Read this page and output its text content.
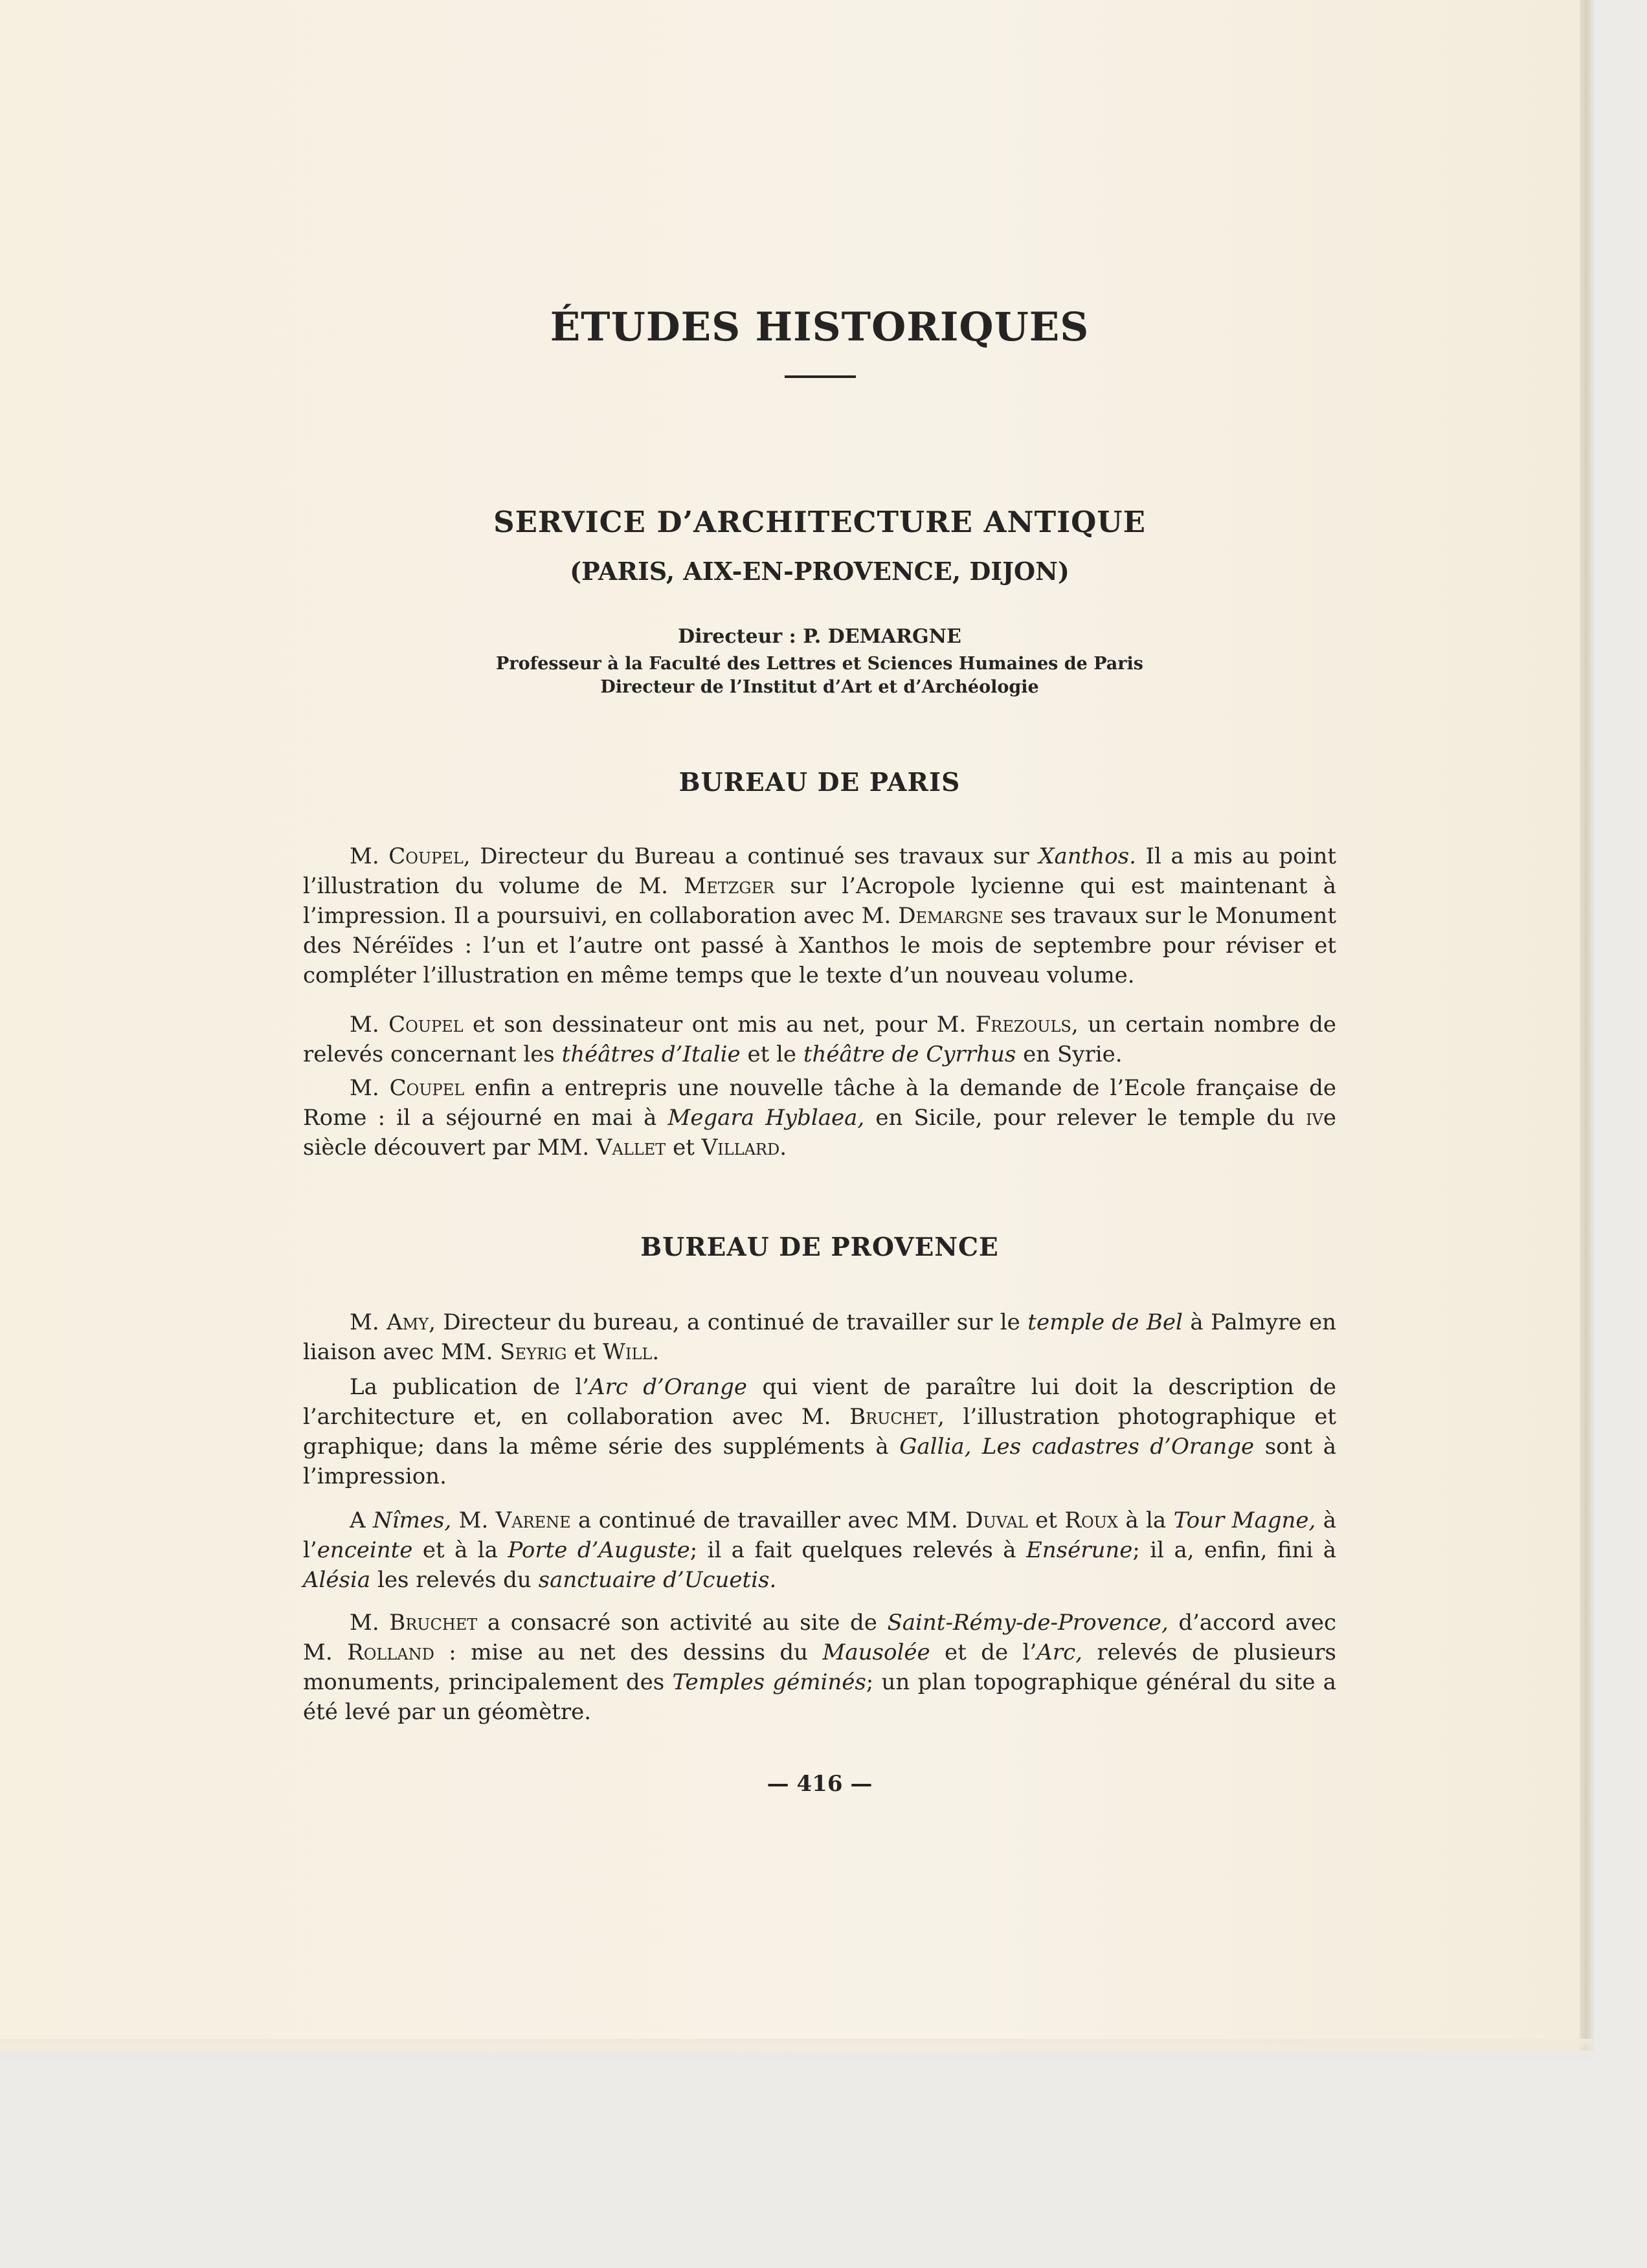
ÉTUDES HISTORIQUES
SERVICE D’ARCHITECTURE ANTIQUE

(PARIS, AIX-EN-PROVENCE, DIJON)

Directeur : P. DEMARGNE

Professeur à la Faculté des Lettres et Sciences Humaines de Paris

Directeur de l’Institut d’Art et d’Archéologie

BUREAU DE PARIS

M. Coupel, Directeur du Bureau a continué ses travaux sur Xanthos. Il a mis au point l’illustration du volume de M. Metzger sur l’Acropole lycienne qui est maintenant à l’impression. Il a poursuivi, en collaboration avec M. Demargne ses travaux sur le Monument des Néréïdes : l’un et l’autre ont passé à Xanthos le mois de septembre pour réviser et compléter l’illustration en même temps que le texte d’un nouveau volume.

M. Coupel et son dessinateur ont mis au net, pour M. Frezouls, un certain nombre de relevés concernant les théâtres d’Italie et le théâtre de Cyrrhus en Syrie.

M. Coupel enfin a entrepris une nouvelle tâche à la demande de l’Ecole française de Rome : il a séjourné en mai à Megara Hyblaea, en Sicile, pour relever le temple du ive siècle découvert par MM. Vallet et Villard.

BUREAU DE PROVENCE

M. Amy, Directeur du bureau, a continué de travailler sur le temple de Bel à Palmyre en liaison avec MM. Seyrig et Will.

La publication de l’Arc d’Orange qui vient de paraître lui doit la description de l’architecture et, en collaboration avec M. Bruchet, l’illustration photographique et graphique; dans la même série des suppléments à Gallia, Les cadastres d’Orange sont à l’impression.

A Nîmes, M. Varene a continué de travailler avec MM. Duval et Roux à la Tour Magne, à l’enceinte et à la Porte d’Auguste; il a fait quelques relevés à Ensérune; il a, enfin, fini à Alésia les relevés du sanctuaire d’Ucuetis.

M. Bruchet a consacré son activité au site de Saint-Rémy-de-Provence, d’accord avec M. Rolland : mise au net des dessins du Mausolée et de l’Arc, relevés de plusieurs monuments, principalement des Temples géminés; un plan topographique général du site a été levé par un géomètre.

— 416 —
